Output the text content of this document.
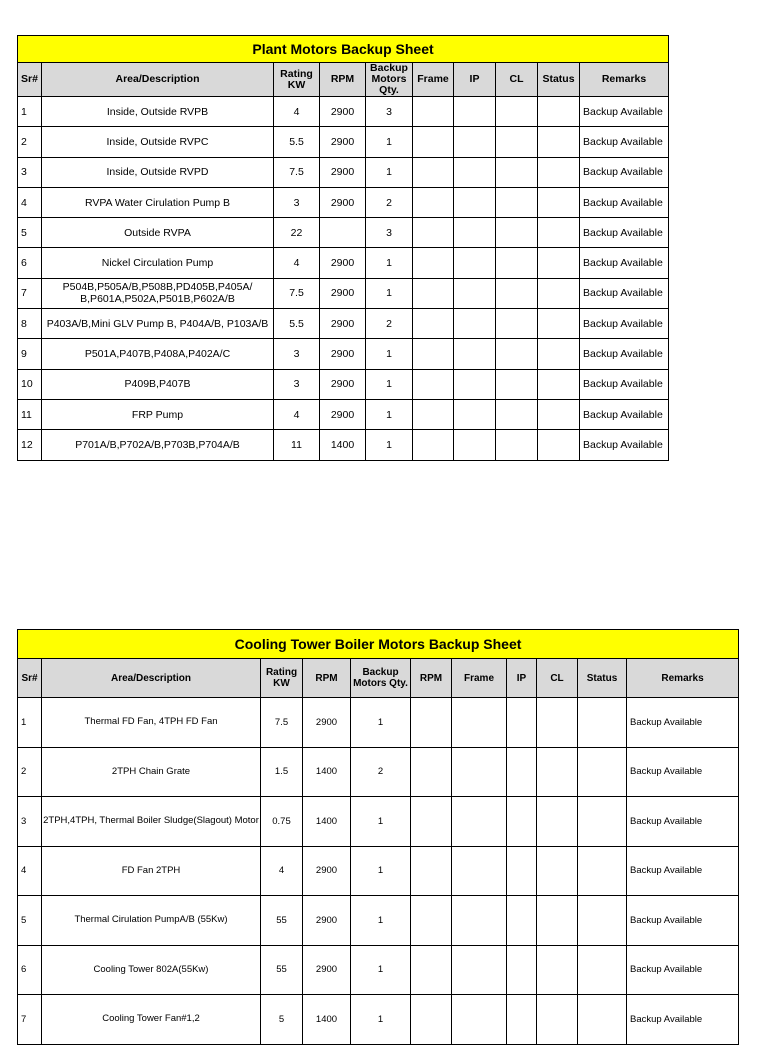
Plant Motors Backup Sheet									
Sr#	Area/Description	Rating KW	RPM	Backup Motors Qty.	Frame	IP	CL	Status	Remarks
1	Inside, Outside RVPB	4	2900	3					Backup Available
2	Inside, Outside RVPC	5.5	2900	1					Backup Available
3	Inside, Outside RVPD	7.5	2900	1					Backup Available
4	RVPA Water Cirulation Pump B	3	2900	2					Backup Available
5	Outside RVPA	22		3					Backup Available
6	Nickel Circulation Pump	4	2900	1					Backup Available
7	P504B,P505A/B,P508B,PD405B,P405A/ B,P601A,P502A,P501B,P602A/B	7.5	2900	1					Backup Available
8	P403A/B,Mini GLV Pump B, P404A/B, P103A/B	5.5	2900	2					Backup Available
9	P501A,P407B,P408A,P402A/C	3	2900	1					Backup Available
10	P409B,P407B	3	2900	1					Backup Available
11	FRP Pump	4	2900	1					Backup Available
12	P701A/B,P702A/B,P703B,P704A/B	11	1400	1					Backup Available
Cooling Tower Boiler Motors Backup Sheet										
Sr#	Area/Description	Rating KW	RPM	Backup Motors Qty.	RPM	Frame	IP	CL	Status	Remarks
1	Thermal FD Fan, 4TPH FD Fan	7.5	2900	1						Backup Available
2	2TPH Chain Grate	1.5	1400	2						Backup Available
3	2TPH,4TPH, Thermal Boiler Sludge(Slagout) Motor	0.75	1400	1						Backup Available
4	FD Fan 2TPH	4	2900	1						Backup Available
5	Thermal Cirulation PumpA/B (55Kw)	55	2900	1						Backup Available
6	Cooling Tower 802A(55Kw)	55	2900	1						Backup Available
7	Cooling Tower Fan#1,2	5	1400	1						Backup Available
